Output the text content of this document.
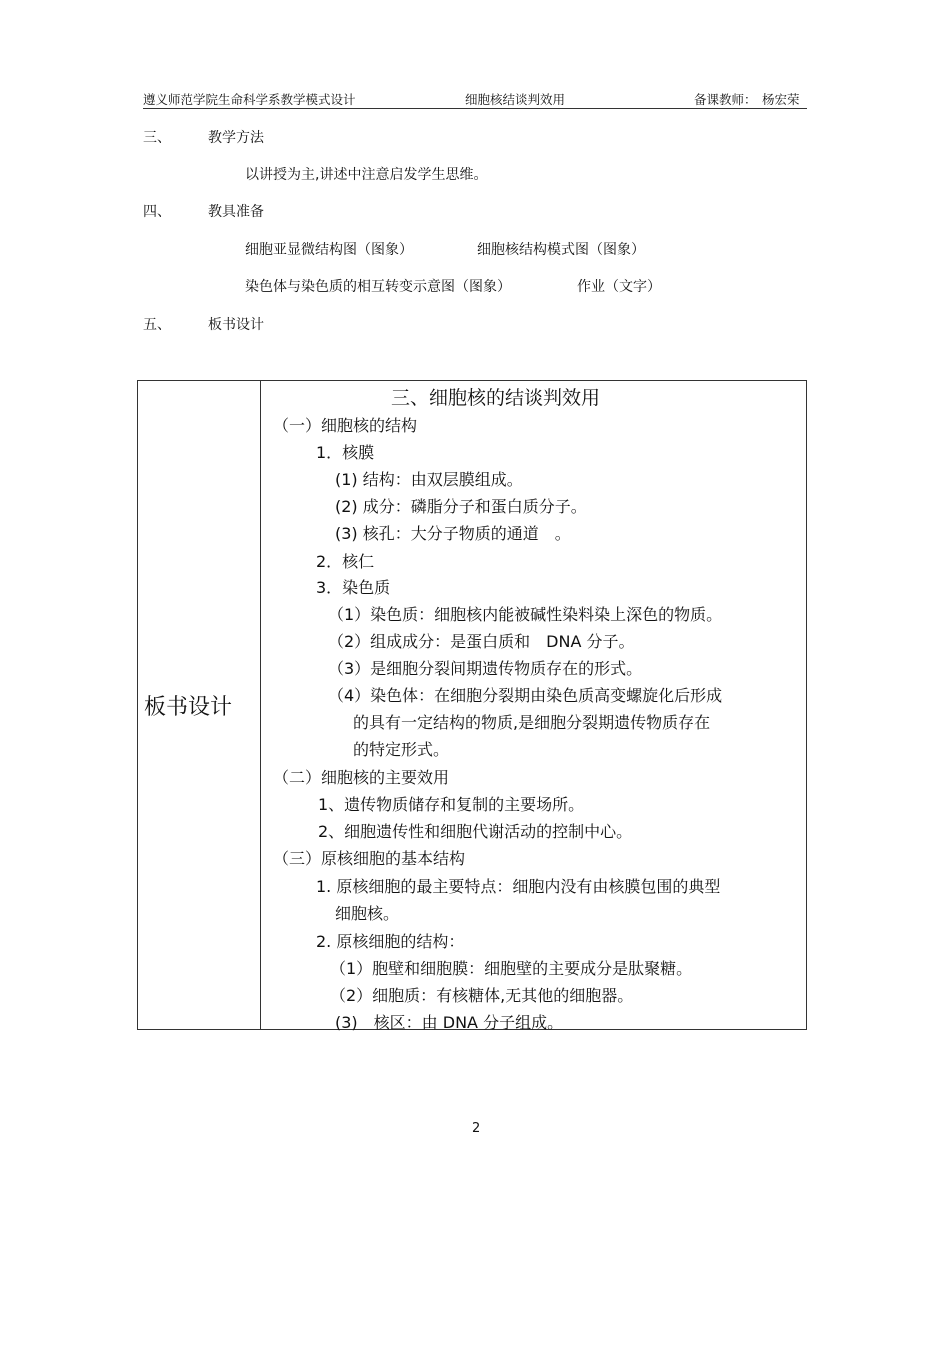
遵义师范学院生命科学系教学模式设计	细胞核结谈判效用	备课教师： 杨宏荣
三、	教学方法
以讲授为主,讲述中注意启发学生思维。
四、	教具准备
细胞亚显微结构图（图象）	细胞核结构模式图（图象）
染色体与染色质的相互转变示意图（图象）	作业（文字）
五、	板书设计
板书设计

三、细胞核的结谈判效用
（一）细胞核的结构
1．核膜
(1) 结构：由双层膜组成。
(2) 成分：磷脂分子和蛋白质分子。
(3) 核孔：大分子物质的通道　。
2．核仁
3．染色质
（1）染色质：细胞核内能被碱性染料染上深色的物质。
（2）组成成分：是蛋白质和　DNA 分子。
（3）是细胞分裂间期遗传物质存在的形式。
（4）染色体：在细胞分裂期由染色质高变螺旋化后形成
的具有一定结构的物质,是细胞分裂期遗传物质存在
的特定形式。
（二）细胞核的主要效用
1、遗传物质储存和复制的主要场所。
2、细胞遗传性和细胞代谢活动的控制中心。
（三）原核细胞的基本结构
1. 原核细胞的最主要特点：细胞内没有由核膜包围的典型
细胞核。
2. 原核细胞的结构：
（1）胞壁和细胞膜：细胞壁的主要成分是肽聚糖。
（2）细胞质：有核糖体,无其他的细胞器。
(3)　核区：由 DNA 分子组成。
2
